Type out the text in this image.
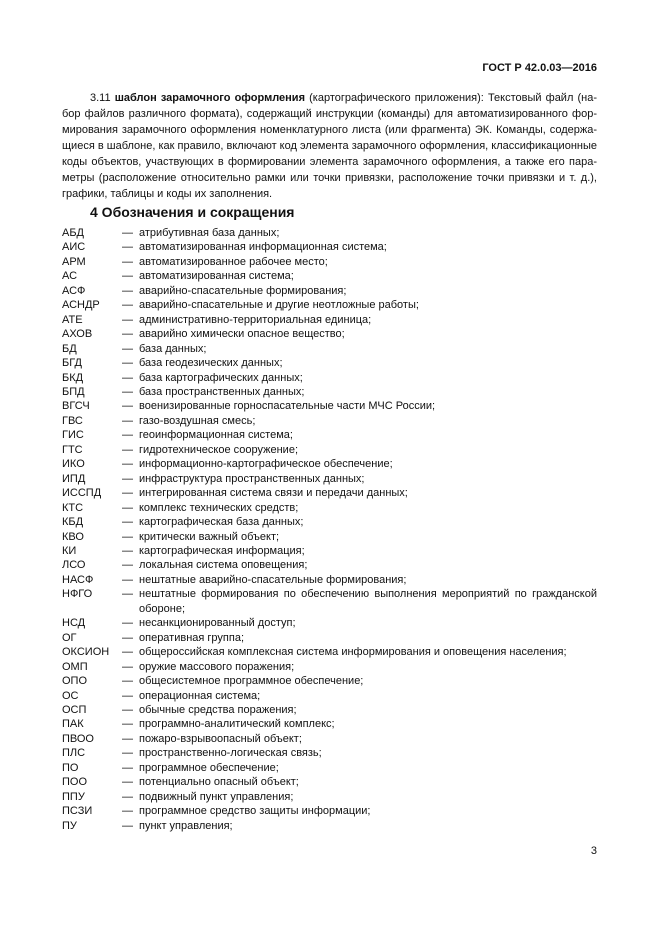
ГОСТ Р 42.0.03—2016
3.11 шаблон зарамочного оформления (картографического приложения): Текстовый файл (на-
бор файлов различного формата), содержащий инструкции (команды) для автоматизированного фор-
мирования зарамочного оформления номенклатурного листа (или фрагмента) ЭК. Команды, содержа-
щиеся в шаблоне, как правило, включают код элемента зарамочного оформления, классификационные
коды объектов, участвующих в формировании элемента зарамочного оформления, а также его пара-
метры (расположение относительно рамки или точки привязки, расположение точки привязки и т. д.),
графики, таблицы и коды их заполнения.
4 Обозначения и сокращения
АБД	— атрибутивная база данных;
АИС	— автоматизированная информационная система;
АРМ	— автоматизированное рабочее место;
АС	— автоматизированная система;
АСФ	— аварийно-спасательные формирования;
АСНДР	— аварийно-спасательные и другие неотложные работы;
АТЕ	— административно-территориальная единица;
АХОВ	— аварийно химически опасное вещество;
БД	— база данных;
БГД	— база геодезических данных;
БКД	— база картографических данных;
БПД	— база пространственных данных;
ВГСЧ	— военизированные горноспасательные части МЧС России;
ГВС	— газо-воздушная смесь;
ГИС	— геоинформационная система;
ГТС	— гидротехническое сооружение;
ИКО	— информационно-картографическое обеспечение;
ИПД	— инфраструктура пространственных данных;
ИССПД	— интегрированная система связи и передачи данных;
КТС	— комплекс технических средств;
КБД	— картографическая база данных;
КВО	— критически важный объект;
КИ	— картографическая информация;
ЛСО	— локальная система оповещения;
НАСФ	— нештатные аварийно-спасательные формирования;
НФГО	— нештатные формирования по обеспечению выполнения мероприятий по гражданской
обороне;
НСД	— несанкционированный доступ;
ОГ	— оперативная группа;
ОКСИОН	— общероссийская комплексная система информирования и оповещения населения;
ОМП	— оружие массового поражения;
ОПО	— общесистемное программное обеспечение;
ОС	— операционная система;
ОСП	— обычные средства поражения;
ПАК	— программно-аналитический комплекс;
ПВОО	— пожаро-взрывоопасный объект;
ПЛС	— пространственно-логическая связь;
ПО	— программное обеспечение;
ПОО	— потенциально опасный объект;
ППУ	— подвижный пункт управления;
ПСЗИ	— программное средство защиты информации;
ПУ	— пункт управления;
3
